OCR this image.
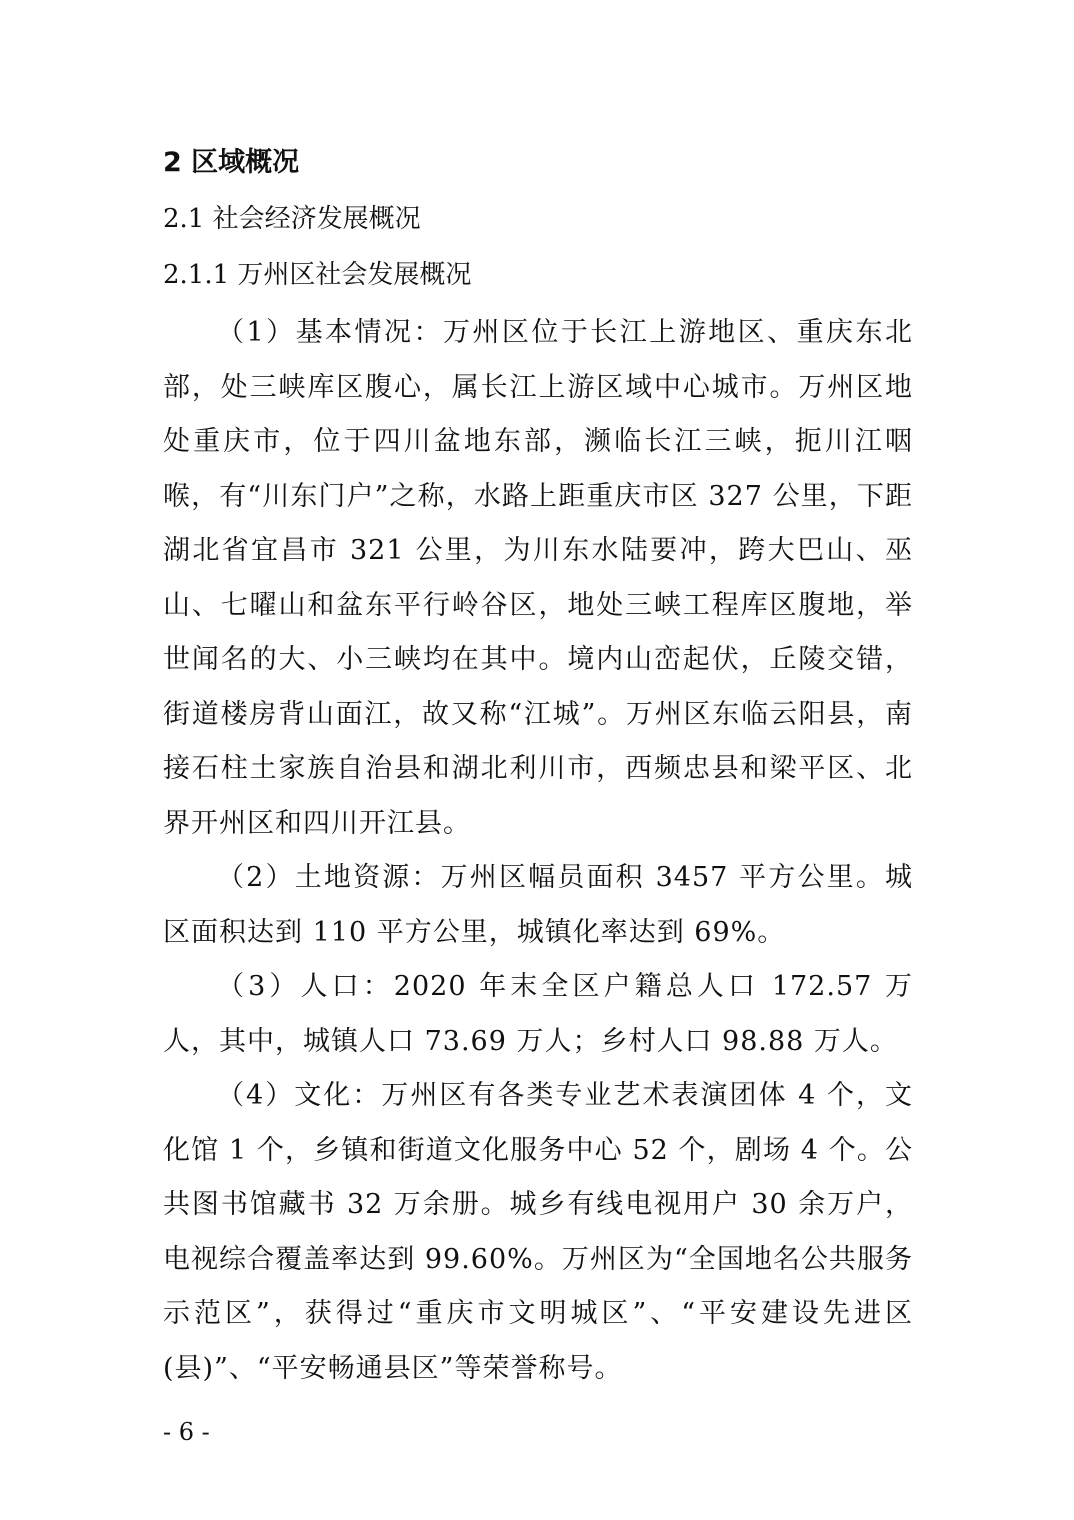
2 区域概况
2.1 社会经济发展概况
2.1.1 万州区社会发展概况

（1）基本情况：万州区位于长江上游地区、重庆东北部，处三峡库区腹心，属长江上游区域中心城市。万州区地处重庆市，位于四川盆地东部，濒临长江三峡，扼川江咽喉，有“川东门户”之称，水路上距重庆市区 327 公里，下距湖北省宜昌市 321 公里，为川东水陆要冲，跨大巴山、巫山、七曜山和盆东平行岭谷区，地处三峡工程库区腹地，举世闻名的大、小三峡均在其中。境内山峦起伏，丘陵交错，街道楼房背山面江，故又称“江城”。万州区东临云阳县，南接石柱土家族自治县和湖北利川市，西频忠县和梁平区、北界开州区和四川开江县。

（2）土地资源：万州区幅员面积 3457 平方公里。城区面积达到 110 平方公里，城镇化率达到 69%。

（3）人口：2020 年末全区户籍总人口 172.57 万人，其中，城镇人口 73.69 万人；乡村人口 98.88 万人。

（4）文化：万州区有各类专业艺术表演团体 4 个，文化馆 1 个，乡镇和街道文化服务中心 52 个，剧场 4 个。公共图书馆藏书 32 万余册。城乡有线电视用户 30 余万户，电视综合覆盖率达到 99.60%。万州区为“全国地名公共服务示范区”，获得过“重庆市文明城区”、“平安建设先进区(县)”、“平安畅通县区”等荣誉称号。

- 6 -
